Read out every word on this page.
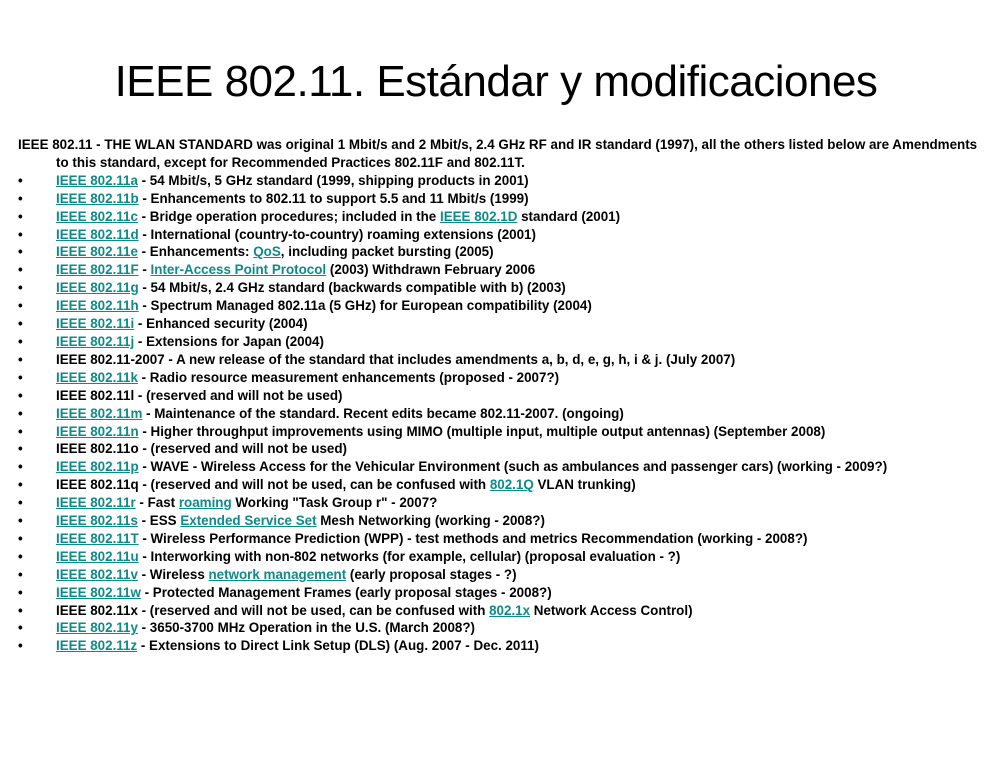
IEEE 802.11. Estándar y modificaciones
IEEE 802.11 - THE WLAN STANDARD was original 1 Mbit/s and 2 Mbit/s, 2.4 GHz RF and IR standard (1997), all the others listed below are Amendments to this standard, except for Recommended Practices 802.11F and 802.11T.
• IEEE 802.11a - 54 Mbit/s, 5 GHz standard (1999, shipping products in 2001)
• IEEE 802.11b - Enhancements to 802.11 to support 5.5 and 11 Mbit/s (1999)
• IEEE 802.11c - Bridge operation procedures; included in the IEEE 802.1D standard (2001)
• IEEE 802.11d - International (country-to-country) roaming extensions (2001)
• IEEE 802.11e - Enhancements: QoS, including packet bursting (2005)
• IEEE 802.11F - Inter-Access Point Protocol (2003) Withdrawn February 2006
• IEEE 802.11g - 54 Mbit/s, 2.4 GHz standard (backwards compatible with b) (2003)
• IEEE 802.11h - Spectrum Managed 802.11a (5 GHz) for European compatibility (2004)
• IEEE 802.11i - Enhanced security (2004)
• IEEE 802.11j - Extensions for Japan (2004)
• IEEE 802.11-2007 - A new release of the standard that includes amendments a, b, d, e, g, h, i & j. (July 2007)
• IEEE 802.11k - Radio resource measurement enhancements (proposed - 2007?)
• IEEE 802.11l - (reserved and will not be used)
• IEEE 802.11m - Maintenance of the standard. Recent edits became 802.11-2007. (ongoing)
• IEEE 802.11n - Higher throughput improvements using MIMO (multiple input, multiple output antennas) (September 2008)
• IEEE 802.11o - (reserved and will not be used)
• IEEE 802.11p - WAVE - Wireless Access for the Vehicular Environment (such as ambulances and passenger cars) (working - 2009?)
• IEEE 802.11q - (reserved and will not be used, can be confused with 802.1Q VLAN trunking)
• IEEE 802.11r - Fast roaming Working "Task Group r" - 2007?
• IEEE 802.11s - ESS Extended Service Set Mesh Networking (working - 2008?)
• IEEE 802.11T - Wireless Performance Prediction (WPP) - test methods and metrics Recommendation (working - 2008?)
• IEEE 802.11u - Interworking with non-802 networks (for example, cellular) (proposal evaluation - ?)
• IEEE 802.11v - Wireless network management (early proposal stages - ?)
• IEEE 802.11w - Protected Management Frames (early proposal stages - 2008?)
• IEEE 802.11x - (reserved and will not be used, can be confused with 802.1x Network Access Control)
• IEEE 802.11y - 3650-3700 MHz Operation in the U.S. (March 2008?)
• IEEE 802.11z - Extensions to Direct Link Setup (DLS) (Aug. 2007 - Dec. 2011)
